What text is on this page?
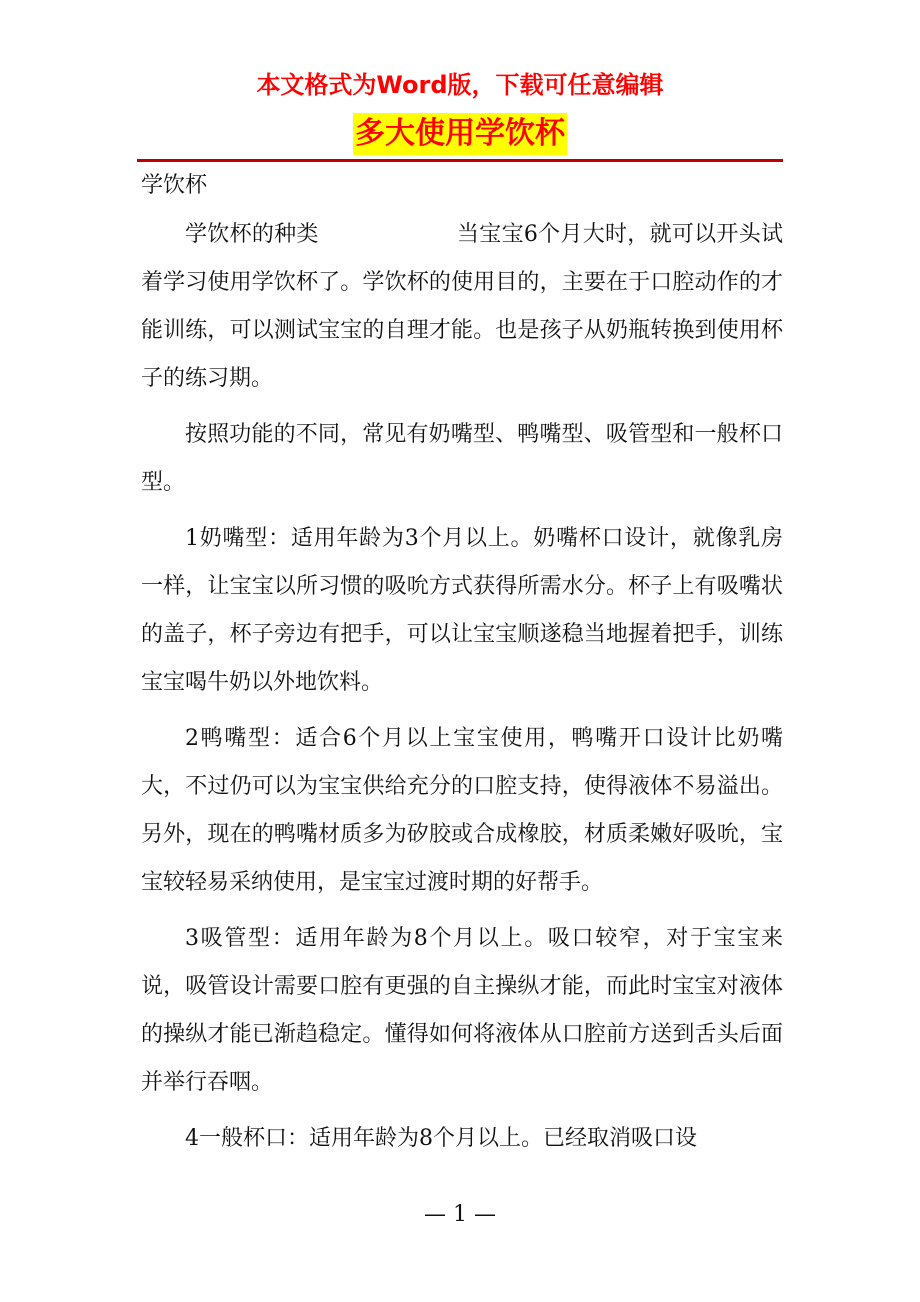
本文格式为Word版，下载可任意编辑
多大使用学饮杯
学饮杯

学饮杯的种类	当宝宝6个月大时，就可以开头试着学习使用学饮杯了。学饮杯的使用目的，主要在于口腔动作的才能训练，可以测试宝宝的自理才能。也是孩子从奶瓶转换到使用杯子的练习期。

按照功能的不同，常见有奶嘴型、鸭嘴型、吸管型和一般杯口型。

1奶嘴型：适用年龄为3个月以上。奶嘴杯口设计，就像乳房一样，让宝宝以所习惯的吸吮方式获得所需水分。杯子上有吸嘴状的盖子，杯子旁边有把手，可以让宝宝顺遂稳当地握着把手，训练宝宝喝牛奶以外地饮料。

2鸭嘴型：适合6个月以上宝宝使用，鸭嘴开口设计比奶嘴大，不过仍可以为宝宝供给充分的口腔支持，使得液体不易溢出。另外，现在的鸭嘴材质多为矽胶或合成橡胶，材质柔嫩好吸吮，宝宝较轻易采纳使用，是宝宝过渡时期的好帮手。

3吸管型：适用年龄为8个月以上。吸口较窄，对于宝宝来说，吸管设计需要口腔有更强的自主操纵才能，而此时宝宝对液体的操纵才能已渐趋稳定。懂得如何将液体从口腔前方送到舌头后面并举行吞咽。

4一般杯口：适用年龄为8个月以上。已经取消吸口设

— 1 —
